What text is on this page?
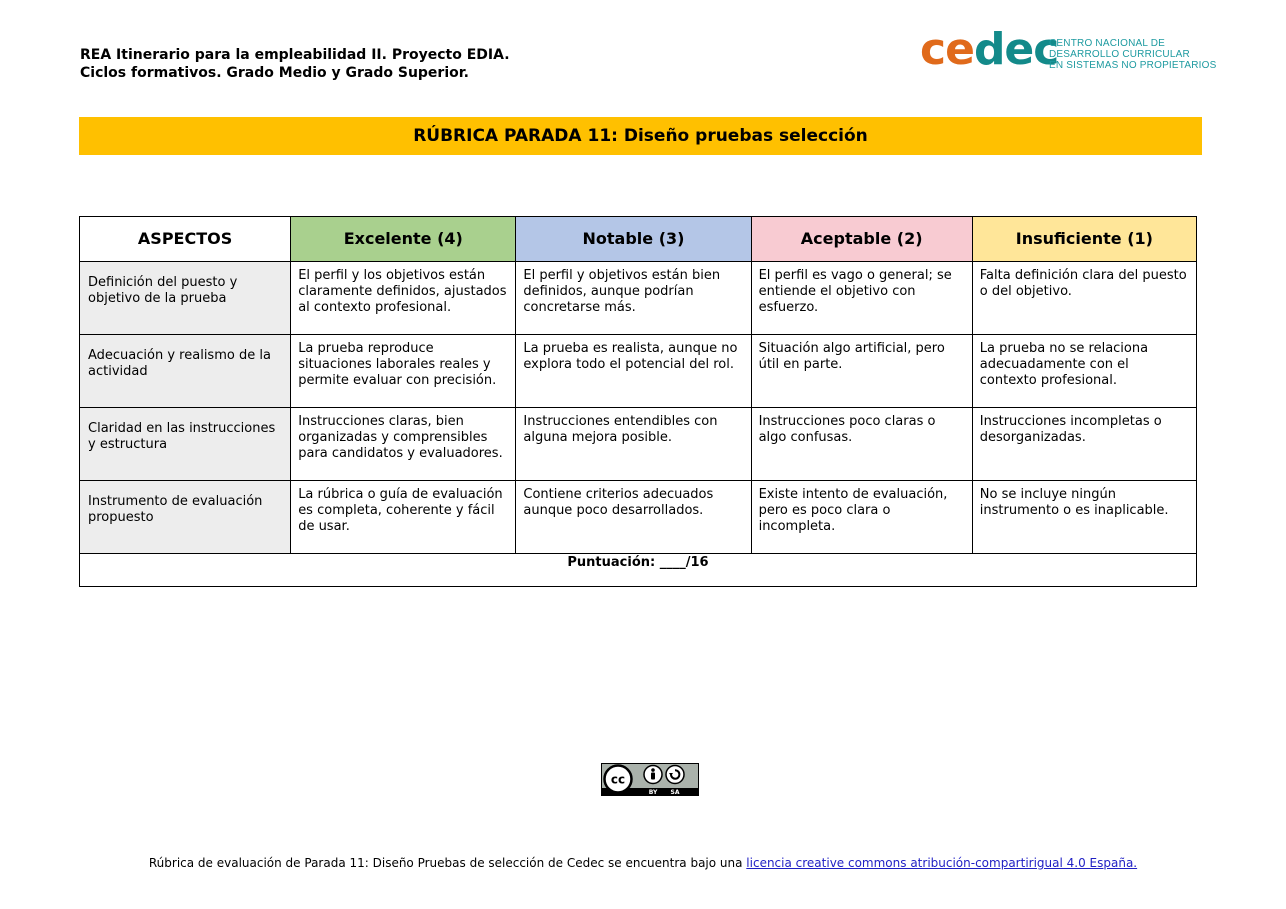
REA Itinerario para la empleabilidad II. Proyecto EDIA.
Ciclos formativos. Grado Medio y Grado Superior.	cedec
CENTRO NACIONAL DE
DESARROLLO CURRICULAR
EN SISTEMAS NO PROPIETARIOS
RÚBRICA PARADA 11: Diseño pruebas selección
ASPECTOS	Excelente (4)	Notable (3)	Aceptable (2)	Insuficiente (1)
Definición del puesto y objetivo de la prueba	El perfil y los objetivos están claramente definidos, ajustados al contexto profesional.	El perfil y objetivos están bien definidos, aunque podrían concretarse más.	El perfil es vago o general; se entiende el objetivo con esfuerzo.	Falta definición clara del puesto o del objetivo.
Adecuación y realismo de la actividad	La prueba reproduce situaciones laborales reales y permite evaluar con precisión.	La prueba es realista, aunque no explora todo el potencial del rol.	Situación algo artificial, pero útil en parte.	La prueba no se relaciona adecuadamente con el contexto profesional.
Claridad en las instrucciones y estructura	Instrucciones claras, bien organizadas y comprensibles para candidatos y evaluadores.	Instrucciones entendibles con alguna mejora posible.	Instrucciones poco claras o algo confusas.	Instrucciones incompletas o desorganizadas.
Instrumento de evaluación propuesto	La rúbrica o guía de evaluación es completa, coherente y fácil de usar.	Contiene criterios adecuados aunque poco desarrollados.	Existe intento de evaluación, pero es poco clara o incompleta.	No se incluye ningún instrumento o es inaplicable.
Puntuación: ____/16				
cc
BY SA
Rúbrica de evaluación de Parada 11: Diseño Pruebas de selección de Cedec se encuentra bajo una licencia creative commons atribución-compartirigual 4.0 España.
